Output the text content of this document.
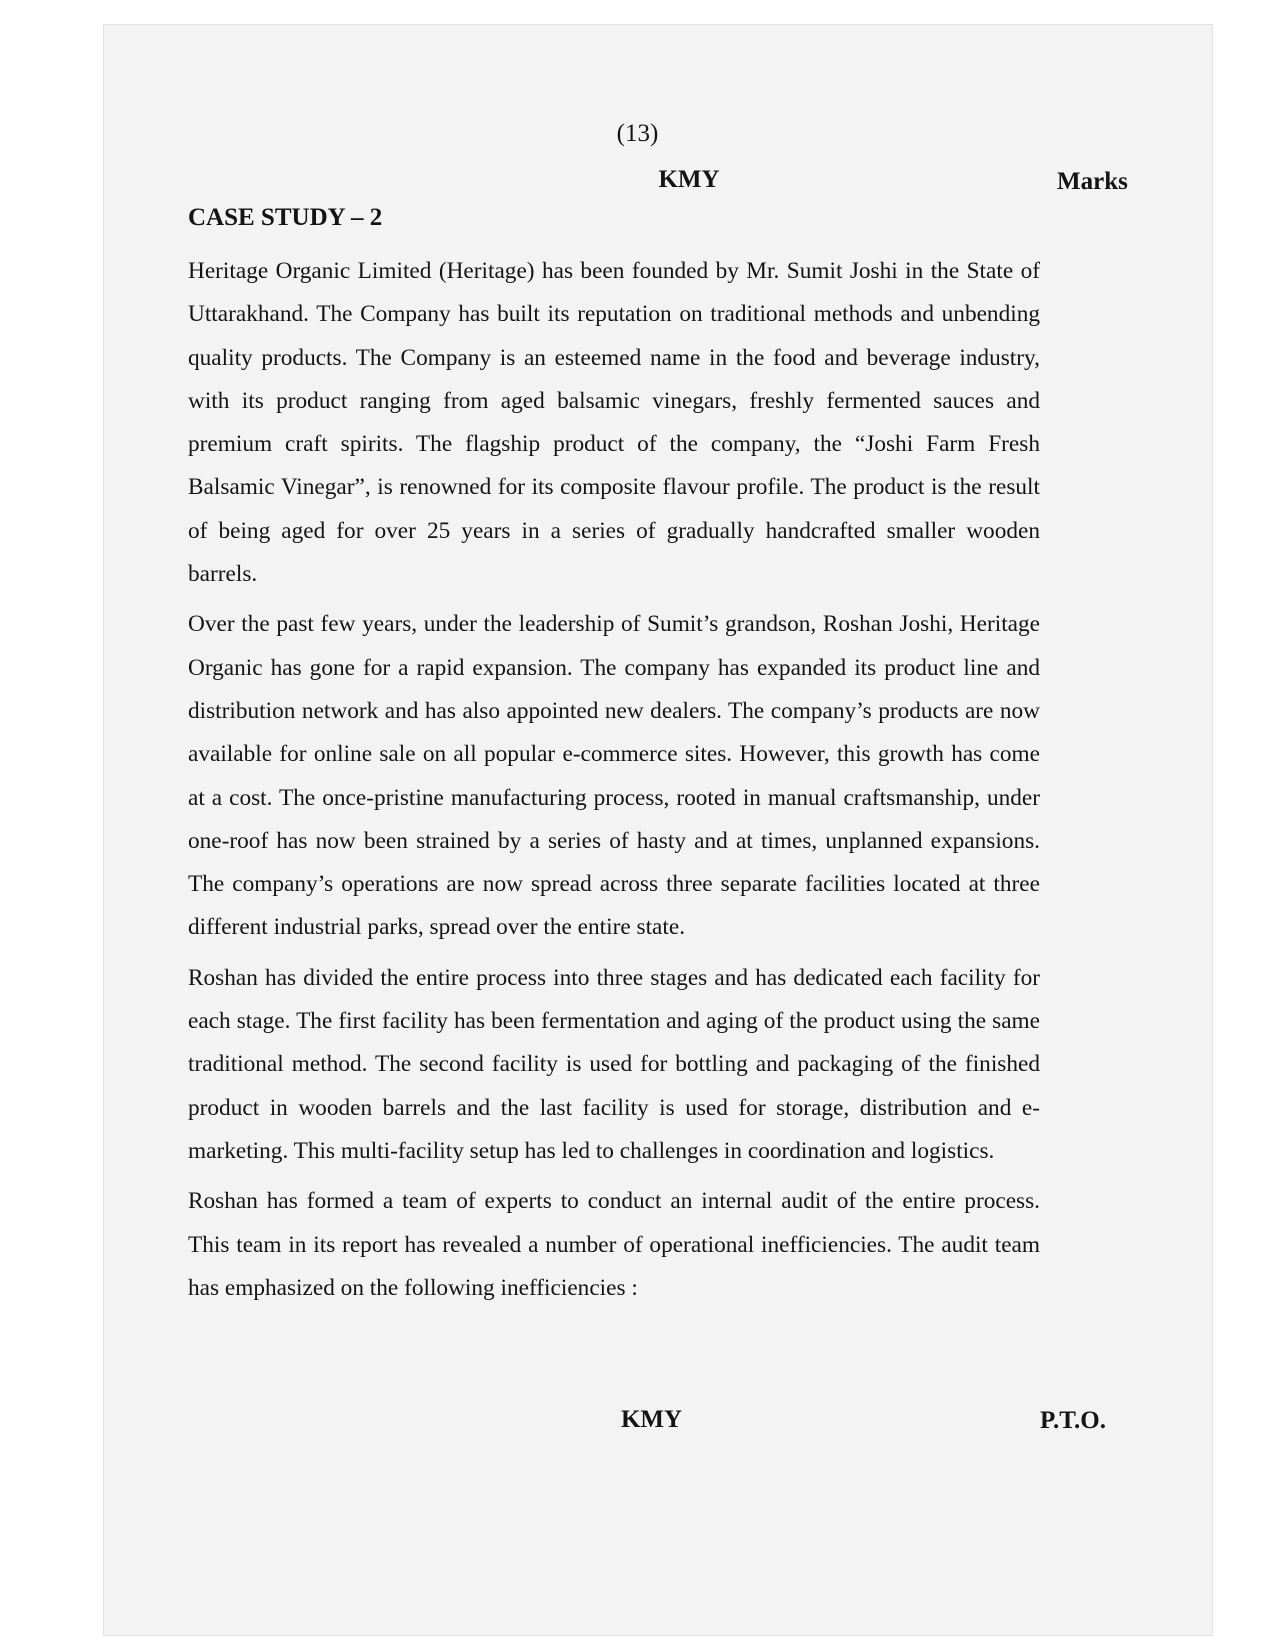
(13)
KMY	Marks
CASE STUDY – 2

Heritage Organic Limited (Heritage) has been founded by Mr. Sumit Joshi in the State of Uttarakhand. The Company has built its reputation on traditional methods and unbending quality products. The Company is an esteemed name in the food and beverage industry, with its product ranging from aged balsamic vinegars, freshly fermented sauces and premium craft spirits. The flagship product of the company, the “Joshi Farm Fresh Balsamic Vinegar”, is renowned for its composite flavour profile. The product is the result of being aged for over 25 years in a series of gradually handcrafted smaller wooden barrels.

Over the past few years, under the leadership of Sumit’s grandson, Roshan Joshi, Heritage Organic has gone for a rapid expansion. The company has expanded its product line and distribution network and has also appointed new dealers. The company’s products are now available for online sale on all popular e-commerce sites. However, this growth has come at a cost. The once-pristine manufacturing process, rooted in manual craftsmanship, under one-roof has now been strained by a series of hasty and at times, unplanned expansions. The company’s operations are now spread across three separate facilities located at three different industrial parks, spread over the entire state.

Roshan has divided the entire process into three stages and has dedicated each facility for each stage. The first facility has been fermentation and aging of the product using the same traditional method. The second facility is used for bottling and packaging of the finished product in wooden barrels and the last facility is used for storage, distribution and e-marketing. This multi-facility setup has led to challenges in coordination and logistics.

Roshan has formed a team of experts to conduct an internal audit of the entire process. This team in its report has revealed a number of operational inefficiencies. The audit team has emphasized on the following inefficiencies :

KMY	P.T.O.
